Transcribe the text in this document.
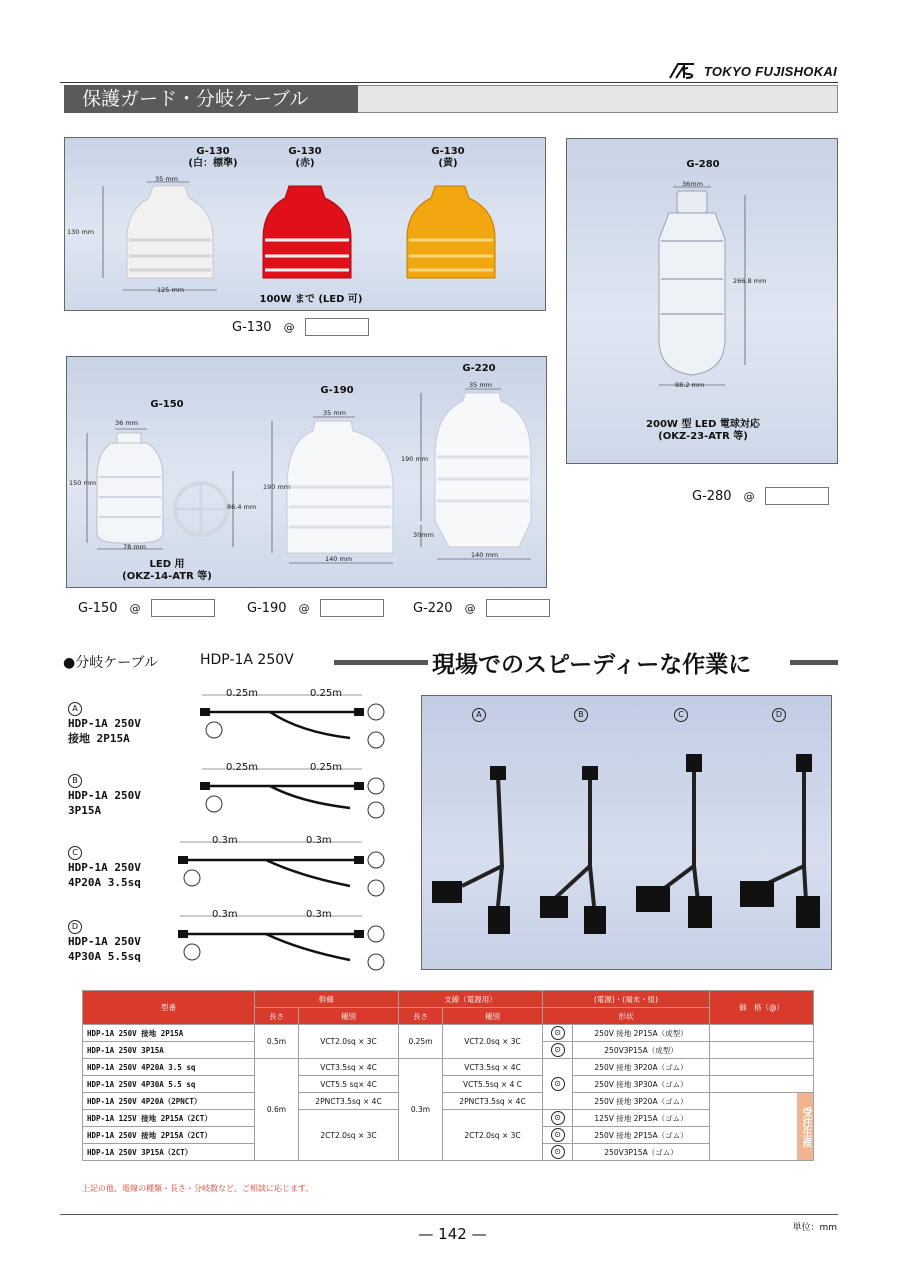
TOKYO FUJISHOKAI
保護ガード・分岐ケーブル
G-130
(白：標準)
G-130
(赤)
G-130
(黄)
35 mm
130 mm
125 mm
100W まで (LED 可)
G-130 @
G-280
36mm
266.8 mm
88.2 mm
200W 型 LED 電球対応
(OKZ-23-ATR 等)
G-280 @
G-150
G-190
G-220
36 mm
150 mm
78 mm
86.4 mm
35 mm
190 mm
140 mm
35 mm
190 mm
30mm
140 mm
LED 用
(OKZ-14-ATR 等)
G-150 @	G-190 @	G-220 @
●分岐ケーブル	HDP-1A 250V	現場でのスピーディーな作業に
A
HDP-1A 250V
接地 2P15A
B
HDP-1A 250V
3P15A
C
HDP-1A 250V
4P20A 3.5sq
D
HDP-1A 250V
4P30A 5.5sq
0.25m	0.25m
0.25m	0.25m
0.3m	0.3m
0.3m	0.3m
A	B	C	D
型番	幹線		支線（電源用）		(電源)・(端末・組)		価　格（@）
	長さ	種別	長さ	種別	形状		
HDP-1A 250V 接地 2P15A	0.5m	VCT2.0sq × 3C	0.25m	VCT2.0sq × 3C	⊙	250V 接地 2P15A（成型）	
HDP-1A 250V 3P15A					⊙	250V3P15A（成型）	
HDP-1A 250V 4P20A 3.5 sq	0.6m	VCT3.5sq × 4C	0.3m	VCT3.5sq × 4C	⊙	250V 接地 3P20A（ゴム）	
HDP-1A 250V 4P30A 5.5 sq		VCT5.5 sq× 4C		VCT5.5sq × 4 C		250V 接地 3P30A（ゴム）	
HDP-1A 250V 4P20A（2PNCT）		2PNCT3.5sq × 4C		2PNCT3.5sq × 4C		250V 接地 3P20A（ゴム）	受注生産

HDP-1A 125V 接地 2P15A（2CT）		2CT2.0sq × 3C		2CT2.0sq × 3C	⊙	125V 接地 2P15A（ゴム）	
HDP-1A 250V 接地 2P15A（2CT）					⊙	250V 接地 2P15A（ゴム）	
HDP-1A 250V 3P15A（2CT）					⊙	250V3P15A（ゴム）	
上記の他、電線の種類・長さ・分岐数など、ご相談に応じます。
— 142 —	単位：mm
